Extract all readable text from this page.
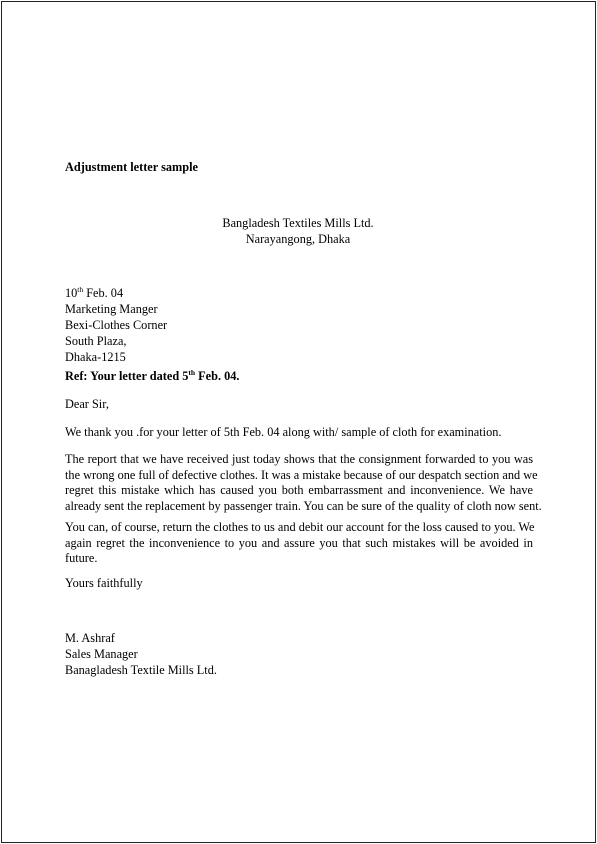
Adjustment letter sample
Bangladesh Textiles Mills Ltd.
Narayangong, Dhaka
10th Feb. 04
Marketing Manger
Bexi-Clothes Corner
South Plaza,
Dhaka-1215
Ref: Your letter dated 5th Feb. 04.
Dear Sir,
We thank you .for your letter of 5th Feb. 04 along with/ sample of cloth for examination.
The report that we have received just today shows that the consignment forwarded to you was
the wrong one full of defective clothes. It was a mistake because of our despatch section and we
regret this mistake which has caused you both embarrassment and inconvenience. We have
already sent the replacement by passenger train. You can be sure of the quality of cloth now sent.
You can, of course, return the clothes to us and debit our account for the loss caused to you. We
again regret the inconvenience to you and assure you that such mistakes will be avoided in
future.
Yours faithfully
M. Ashraf
Sales Manager
Banagladesh Textile Mills Ltd.
